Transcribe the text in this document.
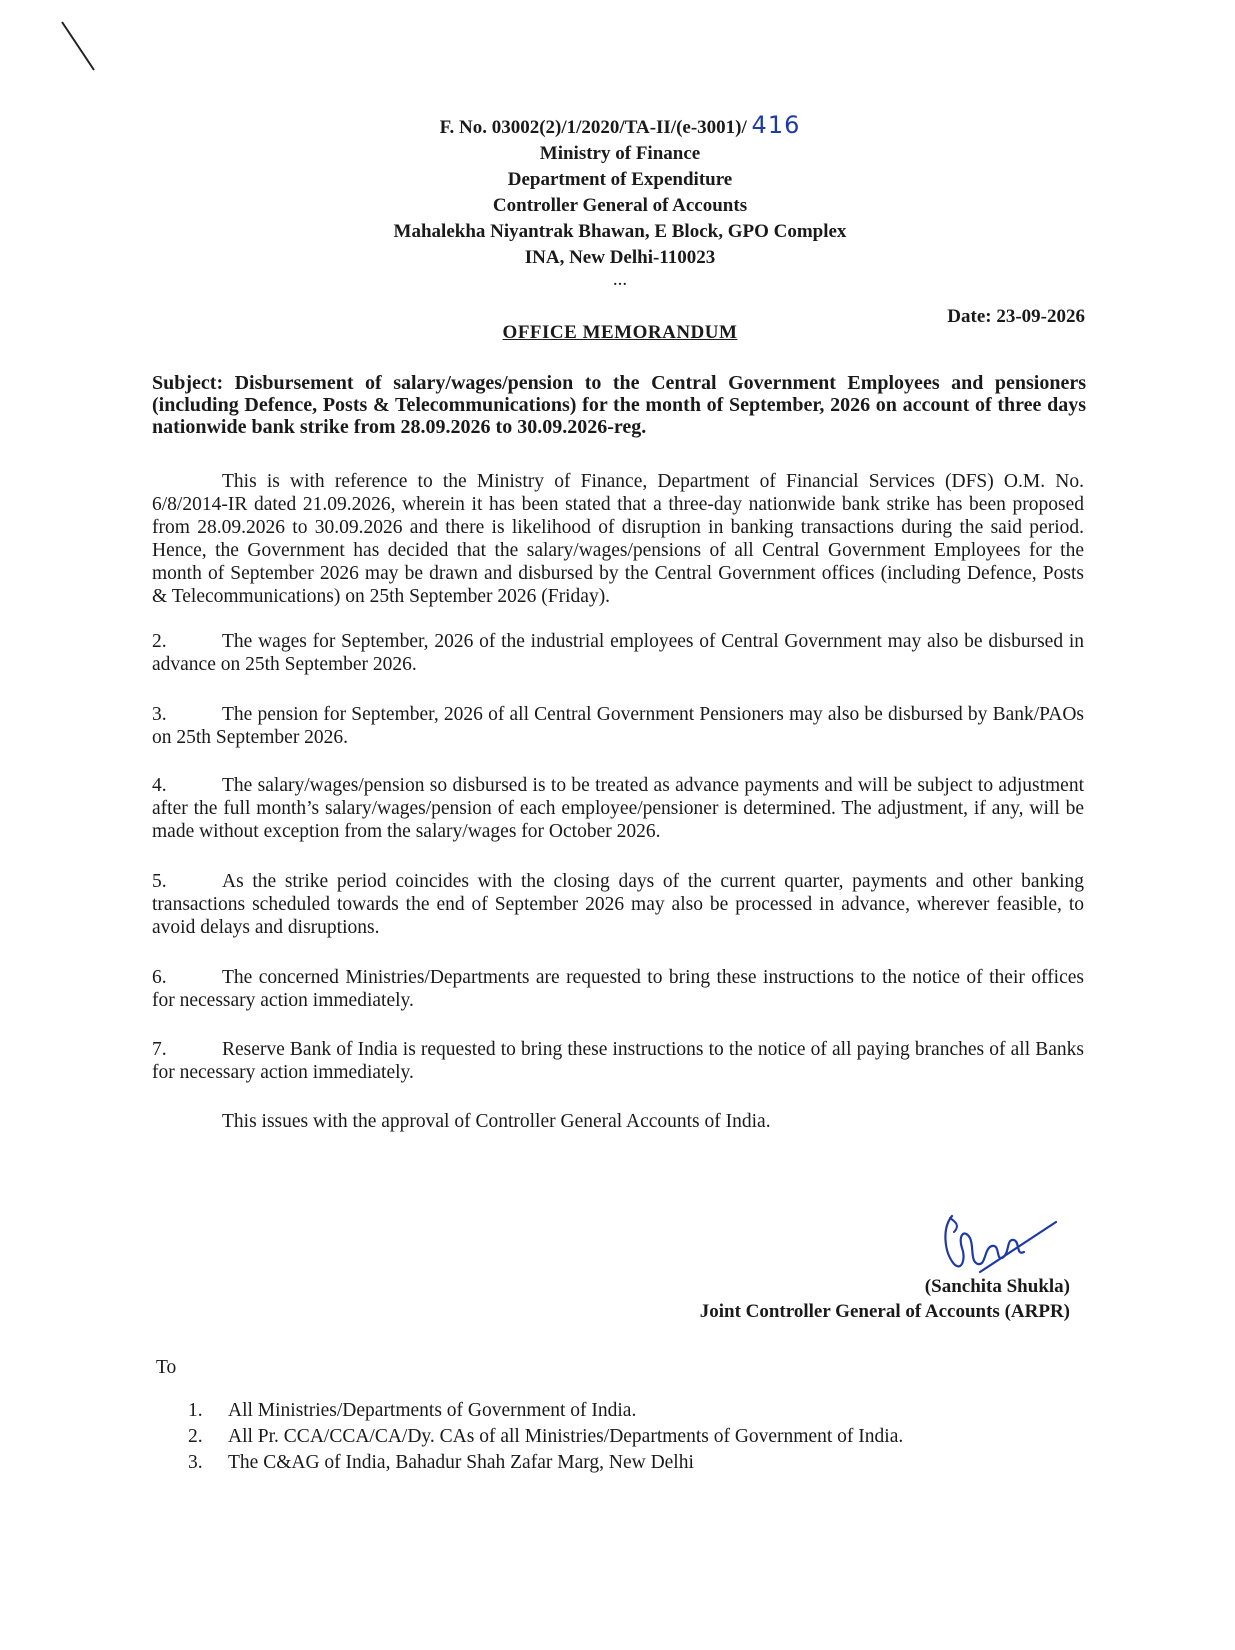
F. No. 03002(2)/1/2020/TA-II/(e-3001)/ 416
Ministry of Finance
Department of Expenditure
Controller General of Accounts
Mahalekha Niyantrak Bhawan, E Block, GPO Complex
INA, New Delhi-110023
...
Date: 23-09-2026
OFFICE MEMORANDUM
Subject: Disbursement of salary/wages/pension to the Central Government Employees and pensioners (including Defence, Posts & Telecommunications) for the month of September, 2026 on account of three days nationwide bank strike from 28.09.2026 to 30.09.2026-reg.
This is with reference to the Ministry of Finance, Department of Financial Services (DFS) O.M. No. 6/8/2014-IR dated 21.09.2026, wherein it has been stated that a three-day nationwide bank strike has been proposed from 28.09.2026 to 30.09.2026 and there is likelihood of disruption in banking transactions during the said period. Hence, the Government has decided that the salary/wages/pensions of all Central Government Employees for the month of September 2026 may be drawn and disbursed by the Central Government offices (including Defence, Posts & Telecommunications) on 25th September 2026 (Friday).
2.	The wages for September, 2026 of the industrial employees of Central Government may also be disbursed in advance on 25th September 2026.
3.	The pension for September, 2026 of all Central Government Pensioners may also be disbursed by Bank/PAOs on 25th September 2026.
4.	The salary/wages/pension so disbursed is to be treated as advance payments and will be subject to adjustment after the full month’s salary/wages/pension of each employee/pensioner is determined. The adjustment, if any, will be made without exception from the salary/wages for October 2026.
5.	As the strike period coincides with the closing days of the current quarter, payments and other banking transactions scheduled towards the end of September 2026 may also be processed in advance, wherever feasible, to avoid delays and disruptions.
6.	The concerned Ministries/Departments are requested to bring these instructions to the notice of their offices for necessary action immediately.
7.	Reserve Bank of India is requested to bring these instructions to the notice of all paying branches of all Banks for necessary action immediately.
This issues with the approval of Controller General Accounts of India.
(Sanchita Shukla)
Joint Controller General of Accounts (ARPR)
To
1. All Ministries/Departments of Government of India.
2. All Pr. CCA/CCA/CA/Dy. CAs of all Ministries/Departments of Government of India.
3. The C&AG of India, Bahadur Shah Zafar Marg, New Delhi
